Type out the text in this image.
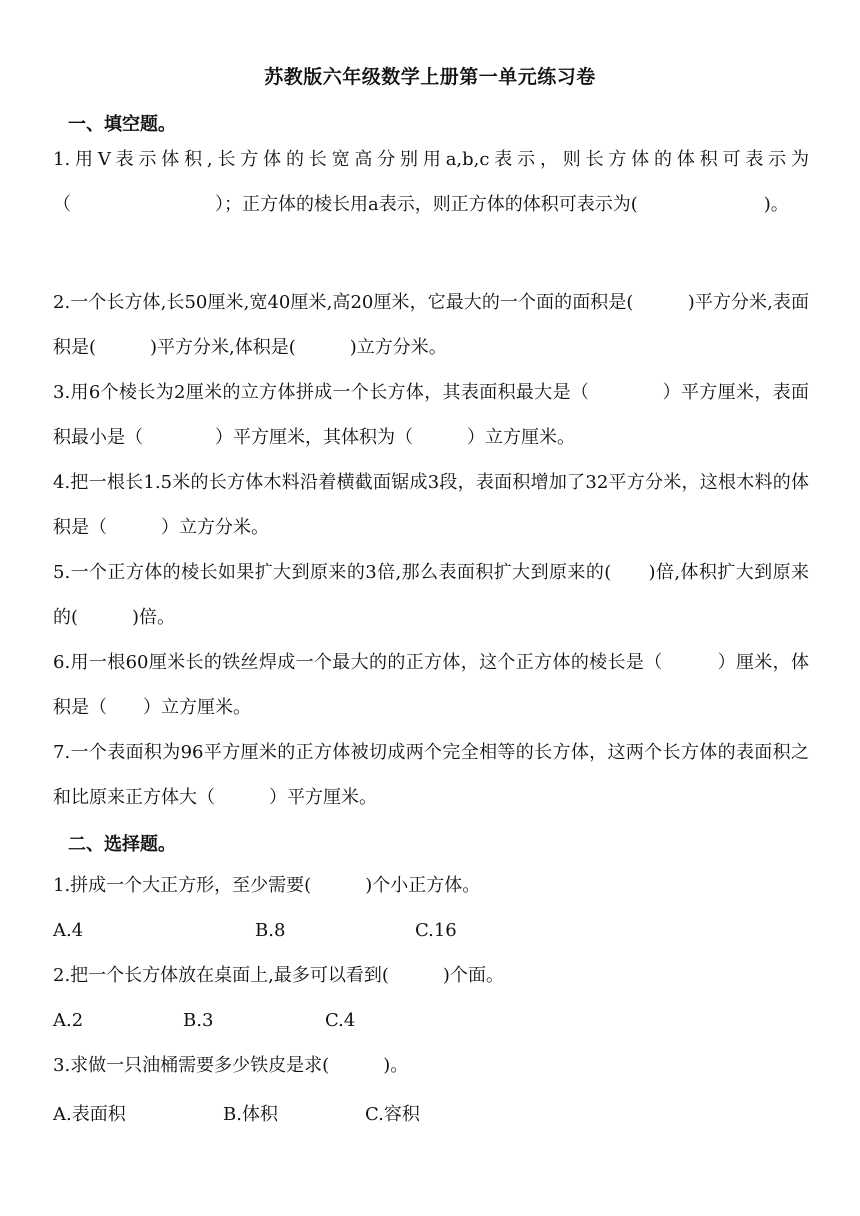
苏教版六年级数学上册第一单元练习卷
一、填空题。
1.用V表示体积,长方体的长宽高分别用a,b,c表示，则长方体的体积可表示为（　　　　　　　　）；正方体的棱长用a表示，则正方体的体积可表示为(　　　　　　　)。
2.一个长方体,长50厘米,宽40厘米,高20厘米，它最大的一个面的面积是(　　　)平方分米,表面积是(　　　)平方分米,体积是(　　　)立方分米。
3.用6个棱长为2厘米的立方体拼成一个长方体，其表面积最大是（　　　　）平方厘米，表面积最小是（　　　　）平方厘米，其体积为（　　　）立方厘米。
4.把一根长1.5米的长方体木料沿着横截面锯成3段，表面积增加了32平方分米，这根木料的体积是（　　　）立方分米。
5.一个正方体的棱长如果扩大到原来的3倍,那么表面积扩大到原来的(　　)倍,体积扩大到原来的(　　　)倍。
6.用一根60厘米长的铁丝焊成一个最大的的正方体，这个正方体的棱长是（　　　）厘米，体积是（　　）立方厘米。
7.一个表面积为96平方厘米的正方体被切成两个完全相等的长方体，这两个长方体的表面积之和比原来正方体大（　　　）平方厘米。
二、选择题。
1.拼成一个大正方形，至少需要(　　　)个小正方体。
A.4	B.8	C.16
2.把一个长方体放在桌面上,最多可以看到(　　　)个面。
A.2	B.3	C.4
3.求做一只油桶需要多少铁皮是求(　　　)。
A.表面积	B.体积	C.容积
